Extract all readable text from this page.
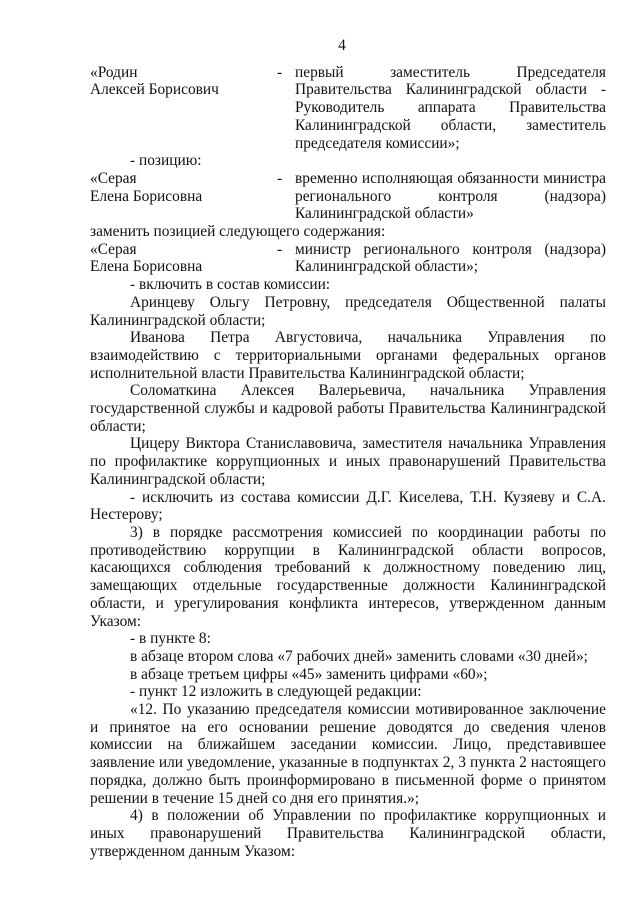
4
«Родин
Алексей Борисович
- первый заместитель Председателя
Правительства Калининградской области -
Руководитель аппарата Правительства
Калининградской области, заместитель
председателя комиссии»;

- позицию:

«Серая
Елена Борисовна
- временно исполняющая обязанности министра
регионального контроля (надзора)
Калининградской области»

заменить позицией следующего содержания:

«Серая
Елена Борисовна
- министр регионального контроля (надзора)
Калининградской области»;

- включить в состав комиссии:

Аринцеву Ольгу Петровну, председателя Общественной палаты Калининградской области;

Иванова Петра Августовича, начальника Управления по взаимодействию с территориальными органами федеральных органов исполнительной власти Правительства Калининградской области;

Соломаткина Алексея Валерьевича, начальника Управления государственной службы и кадровой работы Правительства Калининградской области;

Цицеру Виктора Станиславовича, заместителя начальника Управления по профилактике коррупционных и иных правонарушений Правительства Калининградской области;

- исключить из состава комиссии Д.Г. Киселева, Т.Н. Кузяеву и С.А. Нестерову;

3) в порядке рассмотрения комиссией по координации работы по противодействию коррупции в Калининградской области вопросов, касающихся соблюдения требований к должностному поведению лиц, замещающих отдельные государственные должности Калининградской области, и урегулирования конфликта интересов, утвержденном данным Указом:

- в пункте 8:

в абзаце втором слова «7 рабочих дней» заменить словами «30 дней»;

в абзаце третьем цифры «45» заменить цифрами «60»;

- пункт 12 изложить в следующей редакции:

«12. По указанию председателя комиссии мотивированное заключение и принятое на его основании решение доводятся до сведения членов комиссии на ближайшем заседании комиссии. Лицо, представившее заявление или уведомление, указанные в подпунктах 2, 3 пункта 2 настоящего порядка, должно быть проинформировано в письменной форме о принятом решении в течение 15 дней со дня его принятия.»;

4) в положении об Управлении по профилактике коррупционных и иных правонарушений Правительства Калининградской области, утвержденном данным Указом:
